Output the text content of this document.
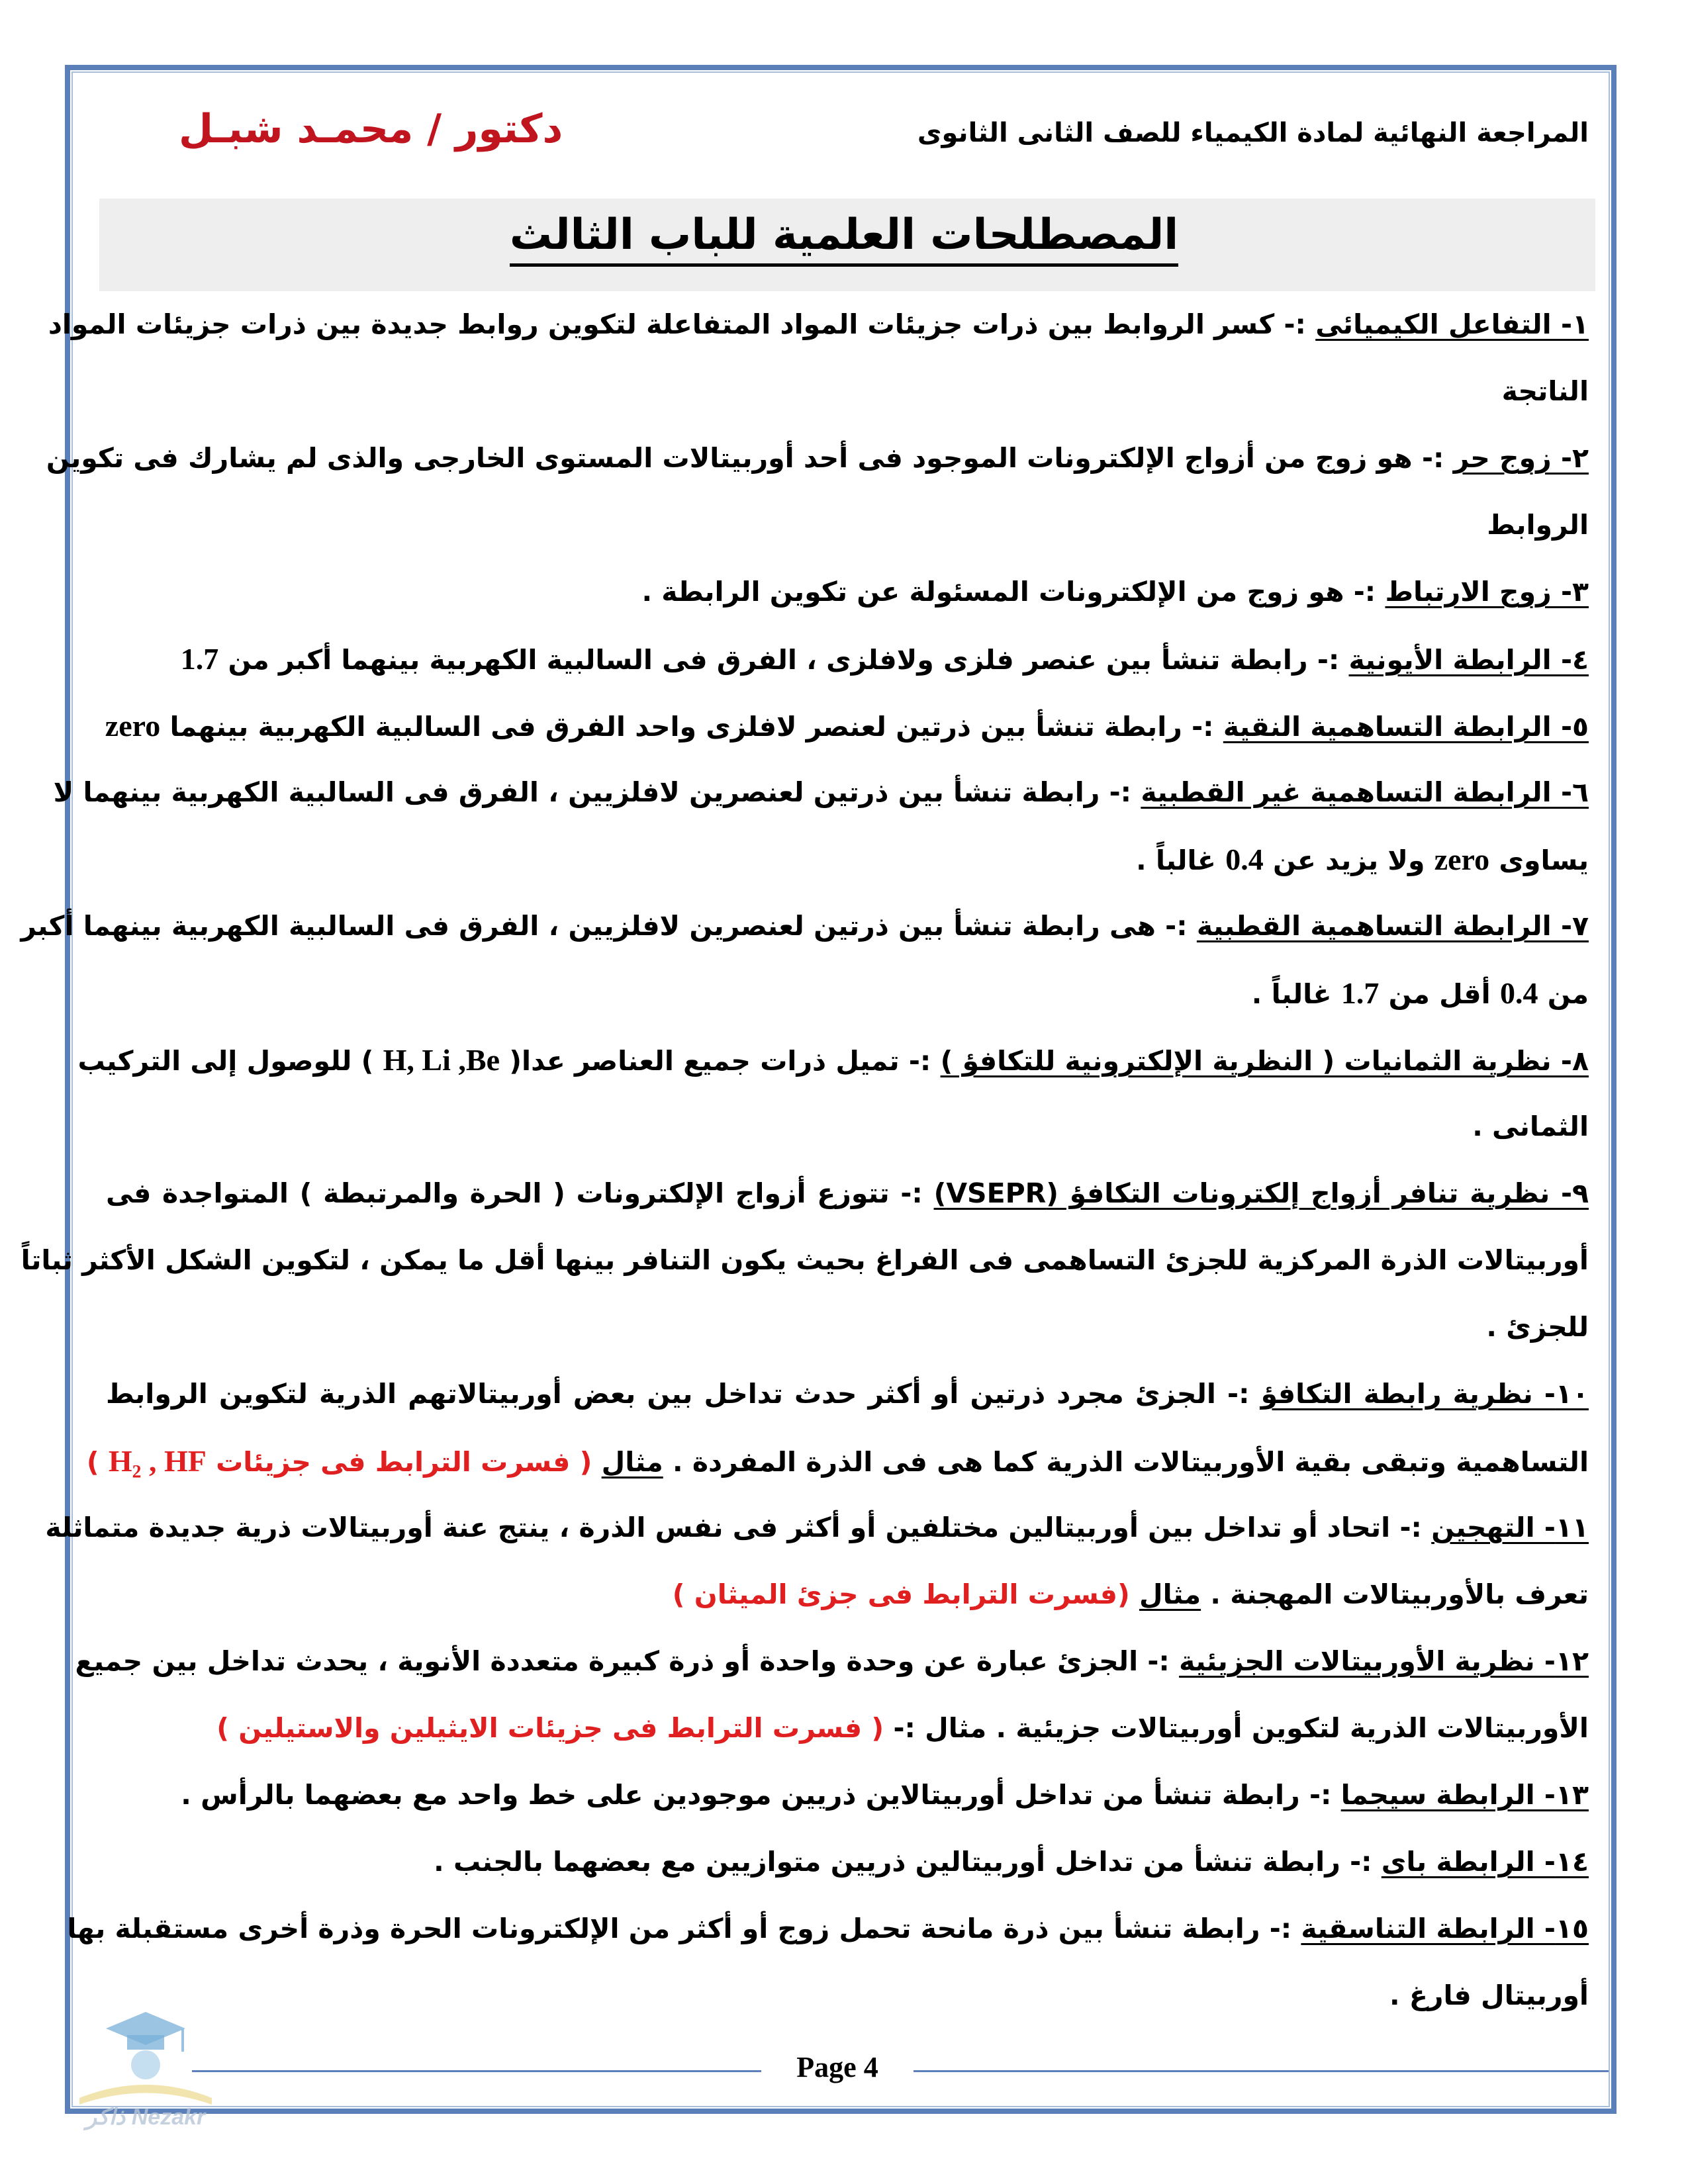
المراجعة النهائية لمادة الكيمياء للصف الثانى الثانوى
دكتور / محمـد شبـل
المصطلحات العلمية للباب الثالث
١- التفاعل الكيميائى :- كسر الروابط بين ذرات جزيئات المواد المتفاعلة لتكوين روابط جديدة بين ذرات جزيئات المواد
الناتجة
٢- زوج حر :- هو زوج من أزواج الإلكترونات الموجود فى أحد أوربيتالات المستوى الخارجى والذى لم يشارك فى تكوين
الروابط
٣- زوج الارتباط :- هو زوج من الإلكترونات المسئولة عن تكوين الرابطة .
٤- الرابطة الأيونية :- رابطة تنشأ بين عنصر فلزى ولافلزى ، الفرق فى السالبية الكهربية بينهما أكبر من 1.7
٥- الرابطة التساهمية النقية :- رابطة تنشأ بين ذرتين لعنصر لافلزى واحد الفرق فى السالبية الكهربية بينهما zero
٦- الرابطة التساهمية غير القطبية :- رابطة تنشأ بين ذرتين لعنصرين لافلزيين ، الفرق فى السالبية الكهربية بينهما لا
يساوى zero ولا يزيد عن 0.4 غالباً .
٧- الرابطة التساهمية القطبية :- هى رابطة تنشأ بين ذرتين لعنصرين لافلزيين ، الفرق فى السالبية الكهربية بينهما أكبر
من 0.4 أقل من 1.7 غالباً .
٨- نظرية الثمانيات ( النظرية الإلكترونية للتكافؤ ) :- تميل ذرات جميع العناصر عدا( H, Li ,Be ) للوصول إلى التركيب
الثمانى .
٩- نظرية تنافر أزواج إلكترونات التكافؤ (VSEPR) :- تتوزع أزواج الإلكترونات ( الحرة والمرتبطة ) المتواجدة فى
أوربيتالات الذرة المركزية للجزئ التساهمى فى الفراغ بحيث يكون التنافر بينها أقل ما يمكن ، لتكوين الشكل الأكثر ثباتاً
للجزئ .
١٠- نظرية رابطة التكافؤ :- الجزئ مجرد ذرتين أو أكثر حدث تداخل بين بعض أوربيتالاتهم الذرية لتكوين الروابط
التساهمية وتبقى بقية الأوربيتالات الذرية كما هى فى الذرة المفردة . مثال ( فسرت الترابط فى جزيئات H₂ , HF )
١١- التهجين :- اتحاد أو تداخل بين أوربيتالين مختلفين أو أكثر فى نفس الذرة ، ينتج عنة أوربيتالات ذرية جديدة متماثلة
تعرف بالأوربيتالات المهجنة . مثال (فسرت الترابط فى جزئ الميثان )
١٢- نظرية الأوربيتالات الجزيئية :- الجزئ عبارة عن وحدة واحدة أو ذرة كبيرة متعددة الأنوية ، يحدث تداخل بين جميع
الأوربيتالات الذرية لتكوين أوربيتالات جزيئية . مثال :- ( فسرت الترابط فى جزيئات الايثيلين والاستيلين )
١٣- الرابطة سيجما :- رابطة تنشأ من تداخل أوربيتالاين ذريين موجودين على خط واحد مع بعضهما بالرأس .
١٤- الرابطة باى :- رابطة تنشأ من تداخل أوربيتالين ذريين متوازيين مع بعضهما بالجنب .
١٥- الرابطة التناسقية :- رابطة تنشأ بين ذرة مانحة تحمل زوج أو أكثر من الإلكترونات الحرة وذرة أخرى مستقبلة بها
أوربيتال فارغ .
Page 4
Nezakr ذاكر
